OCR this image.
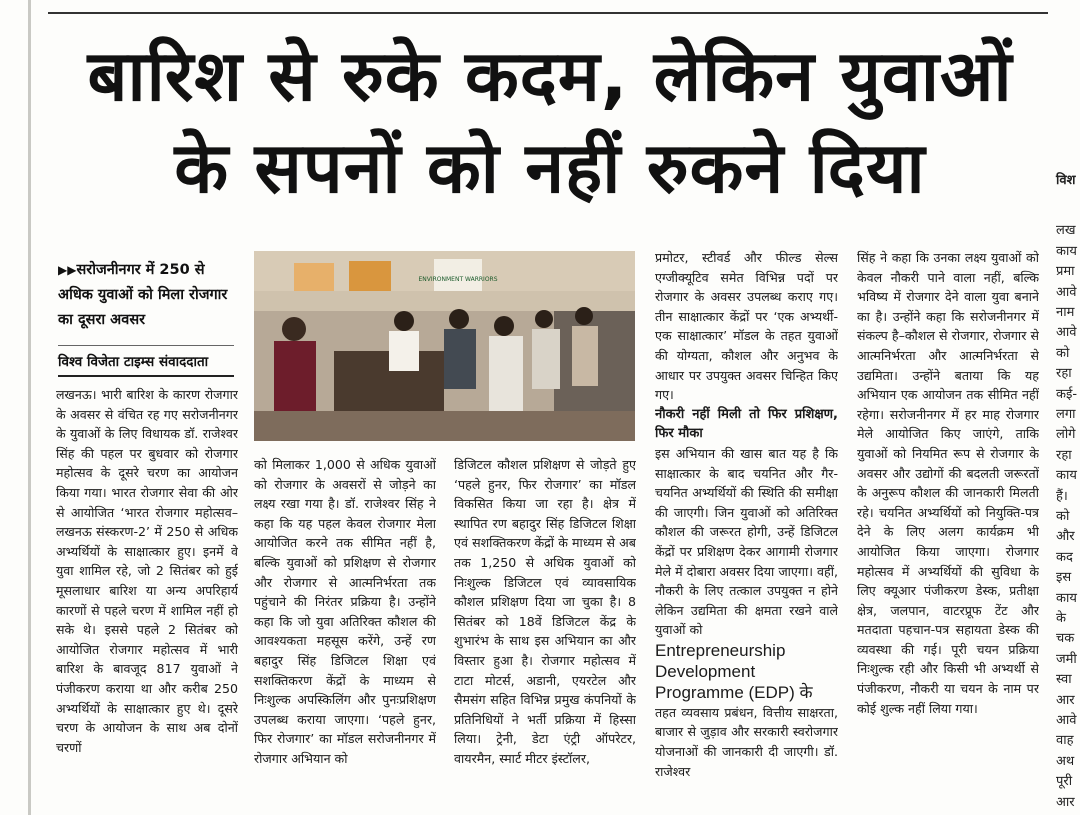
बारिश से रुके कदम, लेकिन युवाओं
के सपनों को नहीं रुकने दिया
▶▶सरोजनीनगर में 250 से अधिक युवाओं को मिला रोजगार का दूसरा अवसर
विश्व विजेता टाइम्स संवाददाता

लखनऊ। भारी बारिश के कारण रोजगार के अवसर से वंचित रह गए सरोजनीनगर के युवाओं के लिए विधायक डॉ. राजेश्वर सिंह की पहल पर बुधवार को रोजगार महोत्सव के दूसरे चरण का आयोजन किया गया। भारत रोजगार सेवा की ओर से आयोजित ‘भारत रोजगार महोत्सव–लखनऊ संस्करण-2’ में 250 से अधिक अभ्यर्थियों के साक्षात्कार हुए। इनमें वे युवा शामिल रहे, जो 2 सितंबर को हुई मूसलाधार बारिश या अन्य अपरिहार्य कारणों से पहले चरण में शामिल नहीं हो सके थे। इससे पहले 2 सितंबर को आयोजित रोजगार महोत्सव में भारी बारिश के बावजूद 817 युवाओं ने पंजीकरण कराया था और करीब 250 अभ्यर्थियों के साक्षात्कार हुए थे। दूसरे चरण के आयोजन के साथ अब दोनों चरणों

ENVIRONMENT WARRIORS

को मिलाकर 1,000 से अधिक युवाओं को रोजगार के अवसरों से जोड़ने का लक्ष्य रखा गया है। डॉ. राजेश्वर सिंह ने कहा कि यह पहल केवल रोजगार मेला आयोजित करने तक सीमित नहीं है, बल्कि युवाओं को प्रशिक्षण से रोजगार और रोजगार से आत्मनिर्भरता तक पहुंचाने की निरंतर प्रक्रिया है। उन्होंने कहा कि जो युवा अतिरिक्त कौशल की आवश्यकता महसूस करेंगे, उन्हें रण बहादुर सिंह डिजिटल शिक्षा एवं सशक्तिकरण केंद्रों के माध्यम से निःशुल्क अपस्किलिंग और पुनःप्रशिक्षण उपलब्ध कराया जाएगा। ‘पहले हुनर, फिर रोजगार’ का मॉडल सरोजनीनगर में रोजगार अभियान को

डिजिटल कौशल प्रशिक्षण से जोड़ते हुए ‘पहले हुनर, फिर रोजगार’ का मॉडल विकसित किया जा रहा है। क्षेत्र में स्थापित रण बहादुर सिंह डिजिटल शिक्षा एवं सशक्तिकरण केंद्रों के माध्यम से अब तक 1,250 से अधिक युवाओं को निःशुल्क डिजिटल एवं व्यावसायिक कौशल प्रशिक्षण दिया जा चुका है। 8 सितंबर को 18वें डिजिटल केंद्र के शुभारंभ के साथ इस अभियान का और विस्तार हुआ है। रोजगार महोत्सव में टाटा मोटर्स, अडानी, एयरटेल और सैमसंग सहित विभिन्न प्रमुख कंपनियों के प्रतिनिधियों ने भर्ती प्रक्रिया में हिस्सा लिया। ट्रेनी, डेटा एंट्री ऑपरेटर, वायरमैन, स्मार्ट मीटर इंस्टॉलर,

प्रमोटर, स्टीवर्ड और फील्ड सेल्स एग्जीक्यूटिव समेत विभिन्न पदों पर रोजगार के अवसर उपलब्ध कराए गए। तीन साक्षात्कार केंद्रों पर ‘एक अभ्यर्थी-एक साक्षात्कार’ मॉडल के तहत युवाओं की योग्यता, कौशल और अनुभव के आधार पर उपयुक्त अवसर चिन्हित किए गए।

नौकरी नहीं मिली तो फिर प्रशिक्षण, फिर मौका

इस अभियान की खास बात यह है कि साक्षात्कार के बाद चयनित और गैर-चयनित अभ्यर्थियों की स्थिति की समीक्षा की जाएगी। जिन युवाओं को अतिरिक्त कौशल की जरूरत होगी, उन्हें डिजिटल केंद्रों पर प्रशिक्षण देकर आगामी रोजगार मेले में दोबारा अवसर दिया जाएगा। वहीं, नौकरी के लिए तत्काल उपयुक्त न होने लेकिन उद्यमिता की क्षमता रखने वाले युवाओं को

Entrepreneurship Development Programme (EDP) के

तहत व्यवसाय प्रबंधन, वित्तीय साक्षरता, बाजार से जुड़ाव और सरकारी स्वरोजगार योजनाओं की जानकारी दी जाएगी। डॉ. राजेश्वर

सिंह ने कहा कि उनका लक्ष्य युवाओं को केवल नौकरी पाने वाला नहीं, बल्कि भविष्य में रोजगार देने वाला युवा बनाने का है। उन्होंने कहा कि सरोजनीनगर में संकल्प है–कौशल से रोजगार, रोजगार से आत्मनिर्भरता और आत्मनिर्भरता से उद्यमिता। उन्होंने बताया कि यह अभियान एक आयोजन तक सीमित नहीं रहेगा। सरोजनीनगर में हर माह रोजगार मेले आयोजित किए जाएंगे, ताकि युवाओं को नियमित रूप से रोजगार के अवसर और उद्योगों की बदलती जरूरतों के अनुरूप कौशल की जानकारी मिलती रहे। चयनित अभ्यर्थियों को नियुक्ति-पत्र देने के लिए अलग कार्यक्रम भी आयोजित किया जाएगा। रोजगार महोत्सव में अभ्यर्थियों की सुविधा के लिए क्यूआर पंजीकरण डेस्क, प्रतीक्षा क्षेत्र, जलपान, वाटरप्रूफ टेंट और मतदाता पहचान-पत्र सहायता डेस्क की व्यवस्था की गई। पूरी चयन प्रक्रिया निःशुल्क रही और किसी भी अभ्यर्थी से पंजीकरण, नौकरी या चयन के नाम पर कोई शुल्क नहीं लिया गया।

विश
लख
काय
प्रमा
आवे
नाम
आवे
को
रहा
कई-
लगा
लोगे
रहा
काय
हैं।
को
और
कद
इस
काय
के
चक
जमी
स्वा
आर
आवे
वाह
अथ
पूरी
आर
